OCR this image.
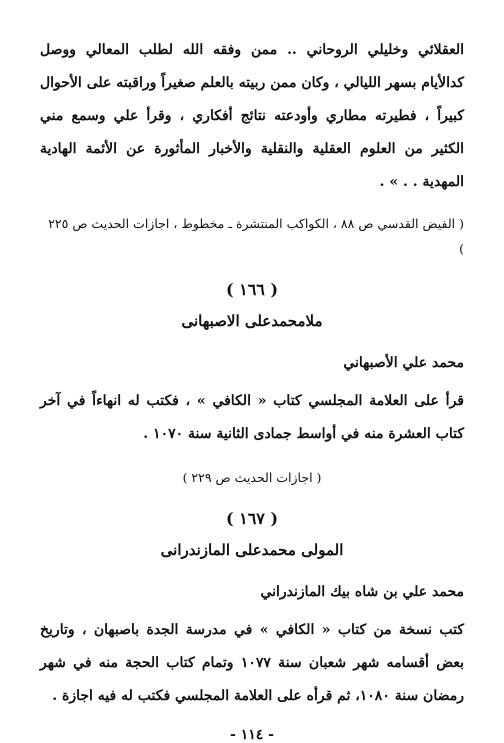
العقلائي وخليلي الروحاني .. ممن وفقه الله لطلب المعالي ووصل كدالأيام بسهر الليالي ، وكان ممن ربيته بالعلم صغيراً وراقبته على الأحوال كبيراً ، فطيرته مطاري وأودعته نتائج أفكاري ، وقرأ علي وسمع مني الكثير من العلوم العقلية والنقلية والأخبار المأثورة عن الأئمة الهادية المهدية . . » .

( الفيض القدسي ص ٨٨ ، الكواكب المنتشرة ـ مخطوط ، اجازات الحديث ص ٢٢٥ )

( ١٦٦ )
ملامحمدعلى الاصبهانى
محمد علي الأصبهاني

قرأ على العلامة المجلسي كتاب « الكافي » ، فكتب له انهاءاً في آخر كتاب العشرة منه في أواسط جمادى الثانية سنة ١٠٧٠ .

( اجازات الحديث ص ٢٢٩ )

( ١٦٧ )
المولى محمدعلى المازندرانى
محمد علي بن شاه بيك المازندراني

كتب نسخة من كتاب « الكافي » في مدرسة الجدة باصبهان ، وتاريخ بعض أقسامه شهر شعبان سنة ١٠٧٧ وتمام كتاب الحجة منه في شهر رمضان سنة ١٠٨٠، ثم قرأه على العلامة المجلسي فكتب له فيه اجازة .

- ١١٤ -
